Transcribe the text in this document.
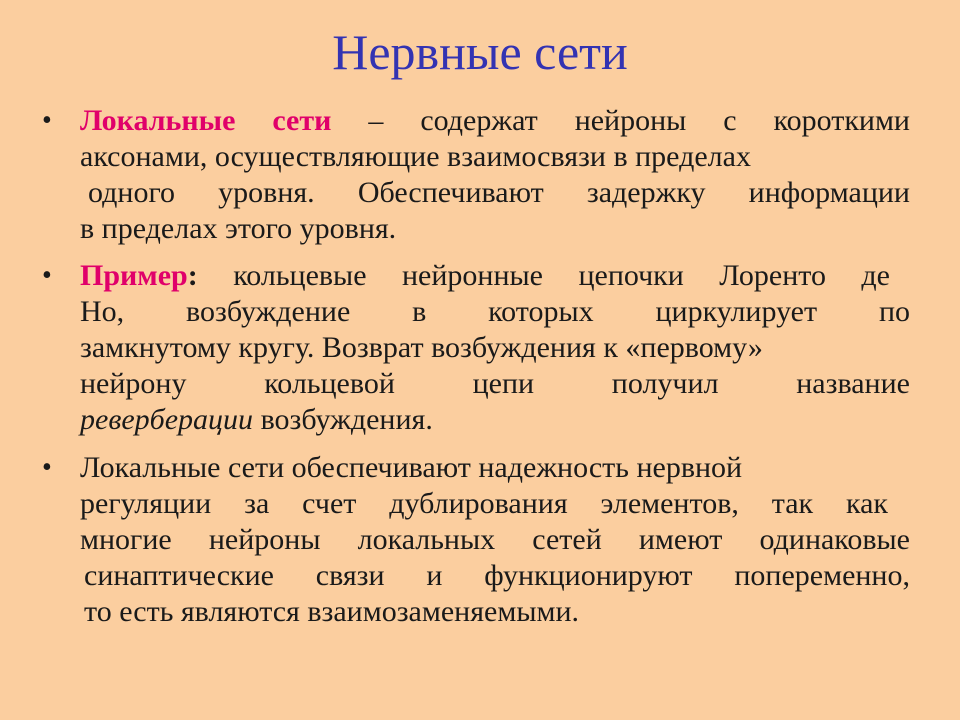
Нервные сети
• Локальные сети – содержат нейроны с короткими
аксонами, осуществляющие взаимосвязи в пределах
одного уровня. Обеспечивают задержку информации
в пределах этого уровня.
• Пример: кольцевые нейронные цепочки Лоренто де
Но, возбуждение в которых циркулирует по
замкнутому кругу. Возврат возбуждения к «первому»
нейрону кольцевой цепи получил название
реверберации возбуждения.
• Локальные сети обеспечивают надежность нервной
регуляции за счет дублирования элементов, так как
многие нейроны локальных сетей имеют одинаковые
синаптические связи и функционируют попеременно,
то есть являются взаимозаменяемыми.
